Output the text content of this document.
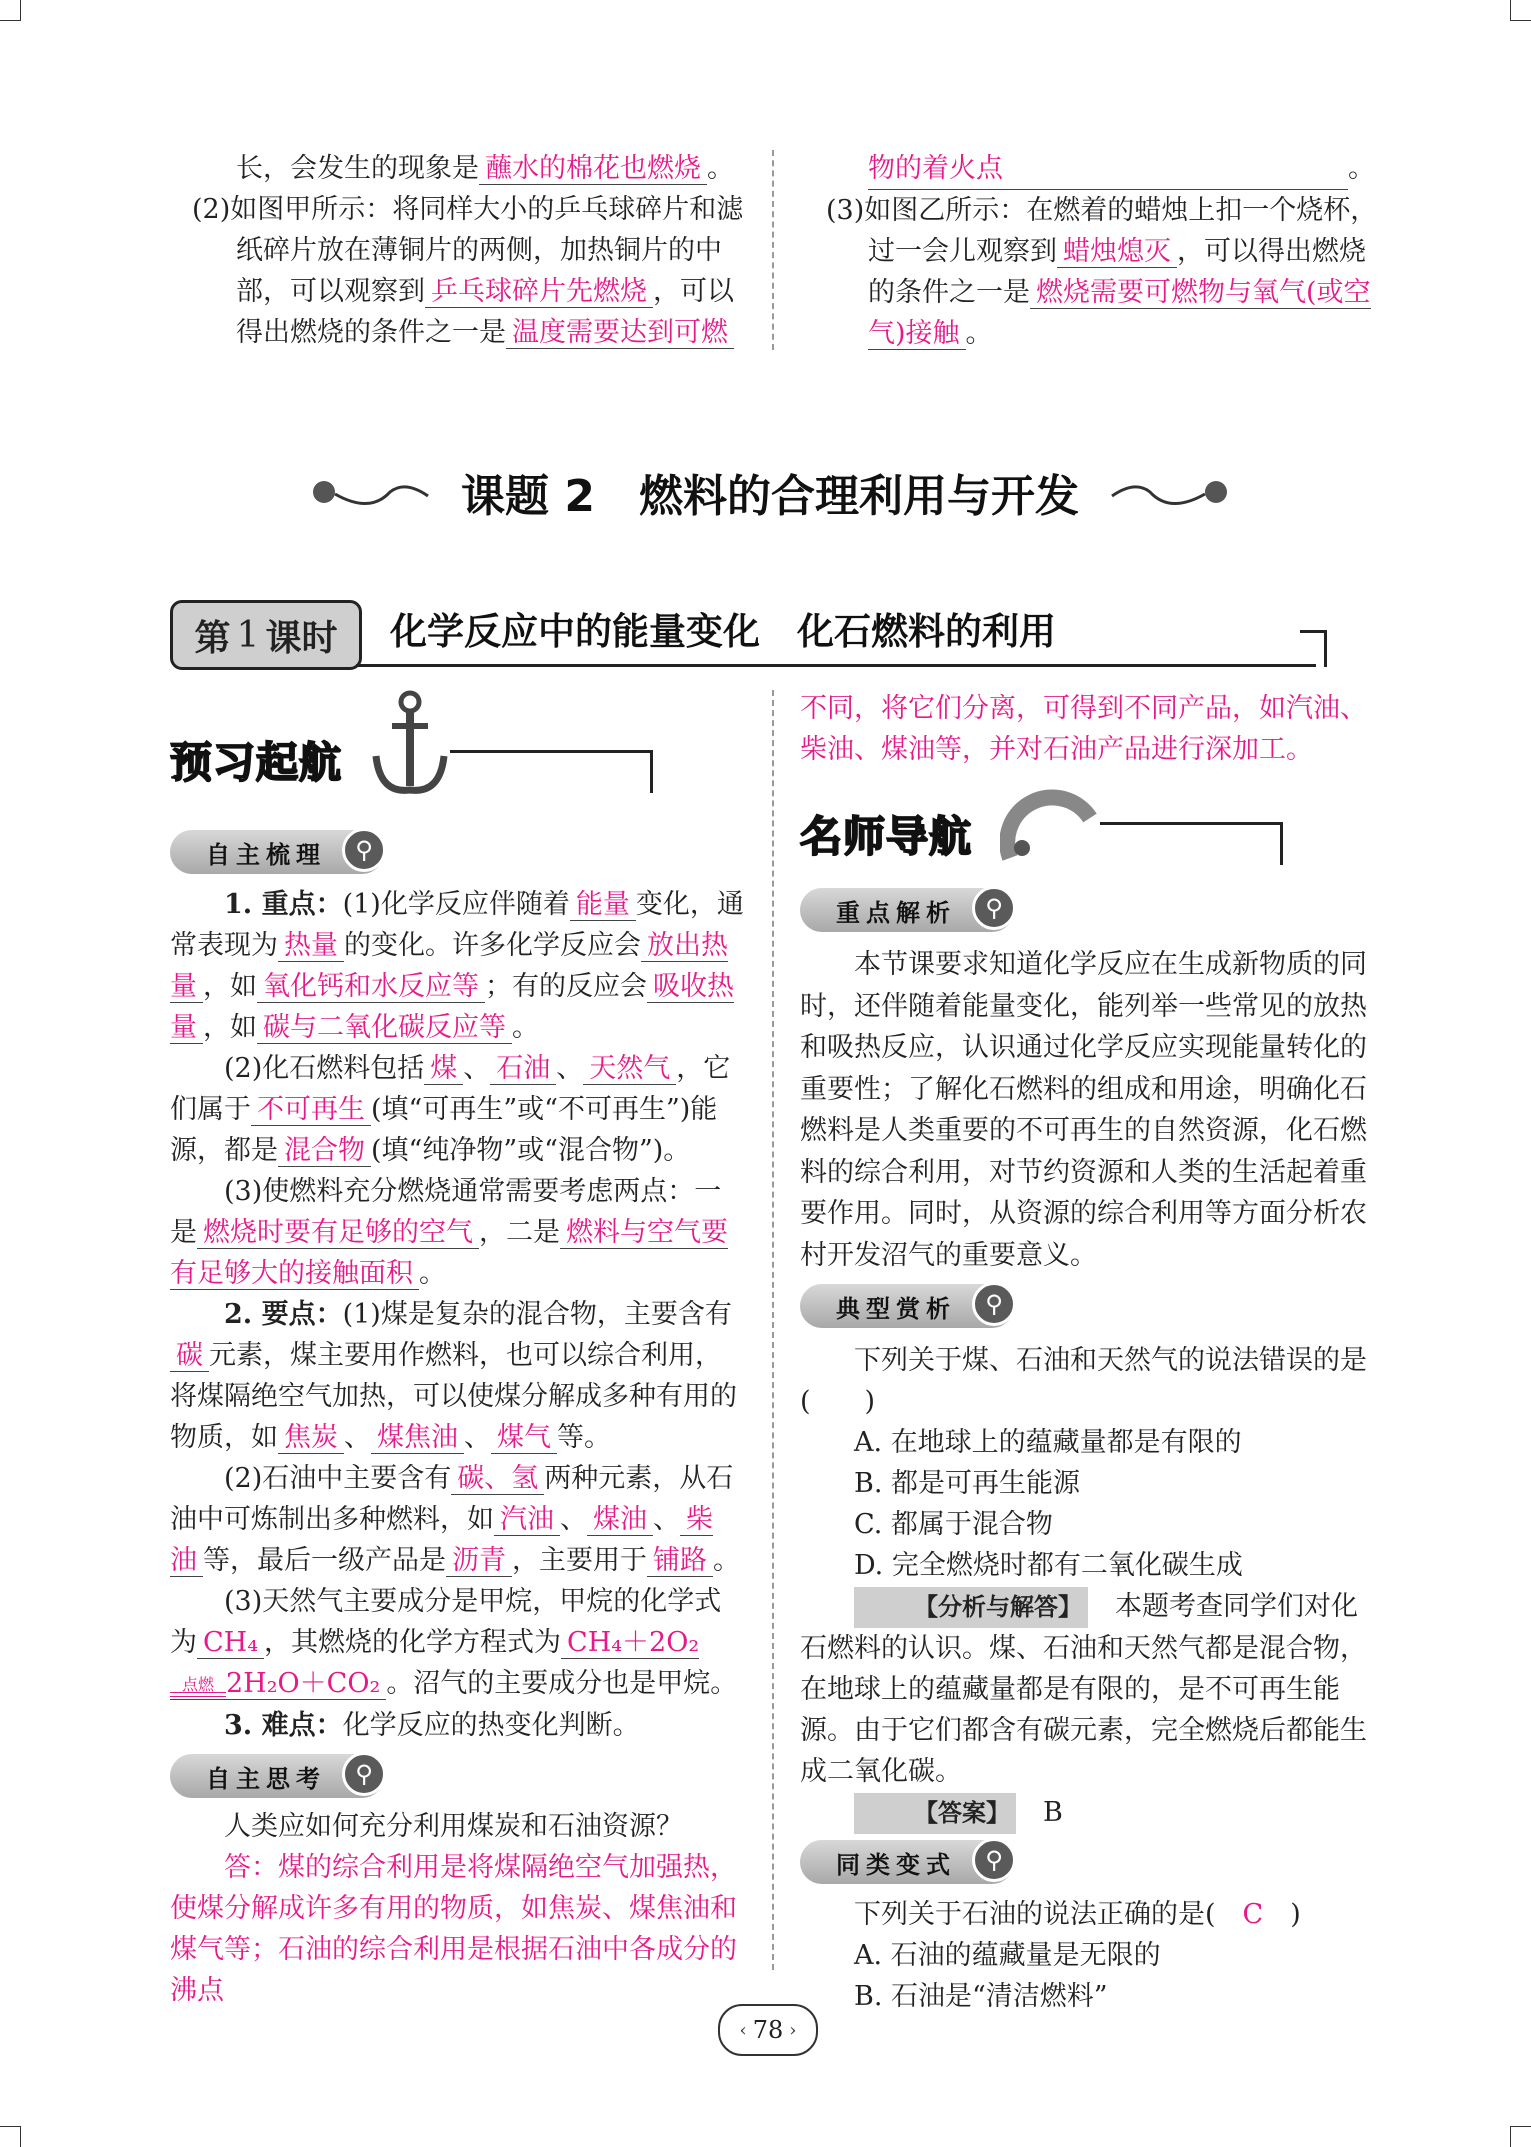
长，会发生的现象是 蘸水的棉花也燃烧 。
(2)如图甲所示：将同样大小的乒乓球碎片和滤纸碎片放在薄铜片的两侧，加热铜片的中部，可以观察到 乒乓球碎片先燃烧 ，可以得出燃烧的条件之一是 温度需要达到可燃
物的着火点	。
(3)如图乙所示：在燃着的蜡烛上扣一个烧杯，过一会儿观察到 蜡烛熄灭 ，可以得出燃烧的条件之一是 燃烧需要可燃物与氧气(或空气)接触 。
课题 2　燃料的合理利用与开发
第 1 课时 化学反应中的能量变化　化石燃料的利用
预习起航
自主梳理 ⚲

1. 重点：(1)化学反应伴随着 能量 变化，通常表现为 热量 的变化。许多化学反应会 放出热量 ，如 氧化钙和水反应等 ；有的反应会 吸收热量 ，如 碳与二氧化碳反应等 。

(2)化石燃料包括 煤 、 石油 、 天然气 ，它们属于 不可再生 (填“可再生”或“不可再生”)能源，都是 混合物 (填“纯净物”或“混合物”)。

(3)使燃料充分燃烧通常需要考虑两点：一是 燃烧时要有足够的空气 ，二是 燃料与空气要有足够大的接触面积 。

2. 要点：(1)煤是复杂的混合物，主要含有碳 元素，煤主要用作燃料，也可以综合利用，将煤隔绝空气加热，可以使煤分解成多种有用的物质，如 焦炭 、 煤焦油 、 煤气 等。

(2)石油中主要含有 碳、氢 两种元素，从石油中可炼制出多种燃料，如 汽油 、 煤油 、 柴油 等，最后一级产品是 沥青 ，主要用于 铺路 。

(3)天然气主要成分是甲烷，甲烷的化学式为 CH₄ ，其燃烧的化学方程式为 CH₄＋2O₂点燃 2H₂O＋CO₂ 。沼气的主要成分也是甲烷。

3. 难点：化学反应的热变化判断。

自主思考 ⚲

人类应如何充分利用煤炭和石油资源？

答：煤的综合利用是将煤隔绝空气加强热，使煤分解成许多有用的物质，如焦炭、煤焦油和煤气等；石油的综合利用是根据石油中各成分的沸点

不同，将它们分离，可得到不同产品，如汽油、柴油、煤油等，并对石油产品进行深加工。

名师导航
重点解析 ⚲

本节课要求知道化学反应在生成新物质的同时，还伴随着能量变化，能列举一些常见的放热和吸热反应，认识通过化学反应实现能量转化的重要性；了解化石燃料的组成和用途，明确化石燃料是人类重要的不可再生的自然资源，化石燃料的综合利用，对节约资源和人类的生活起着重要作用。同时，从资源的综合利用等方面分析农村开发沼气的重要意义。

典型赏析 ⚲

下列关于煤、石油和天然气的说法错误的是(　　)

A. 在地球上的蕴藏量都是有限的

B. 都是可再生能源

C. 都属于混合物

D. 完全燃烧时都有二氧化碳生成

【分析与解答】　 本题考查同学们对化石燃料的认识。煤、石油和天然气都是混合物，在地球上的蕴藏量都是有限的，是不可再生能源。由于它们都含有碳元素，完全燃烧后都能生成二氧化碳。

【答案】　 B

同类变式 ⚲

下列关于石油的说法正确的是(　 C　 )

A. 石油的蕴藏量是无限的

B. 石油是“清洁燃料”

‹ 78 ›
